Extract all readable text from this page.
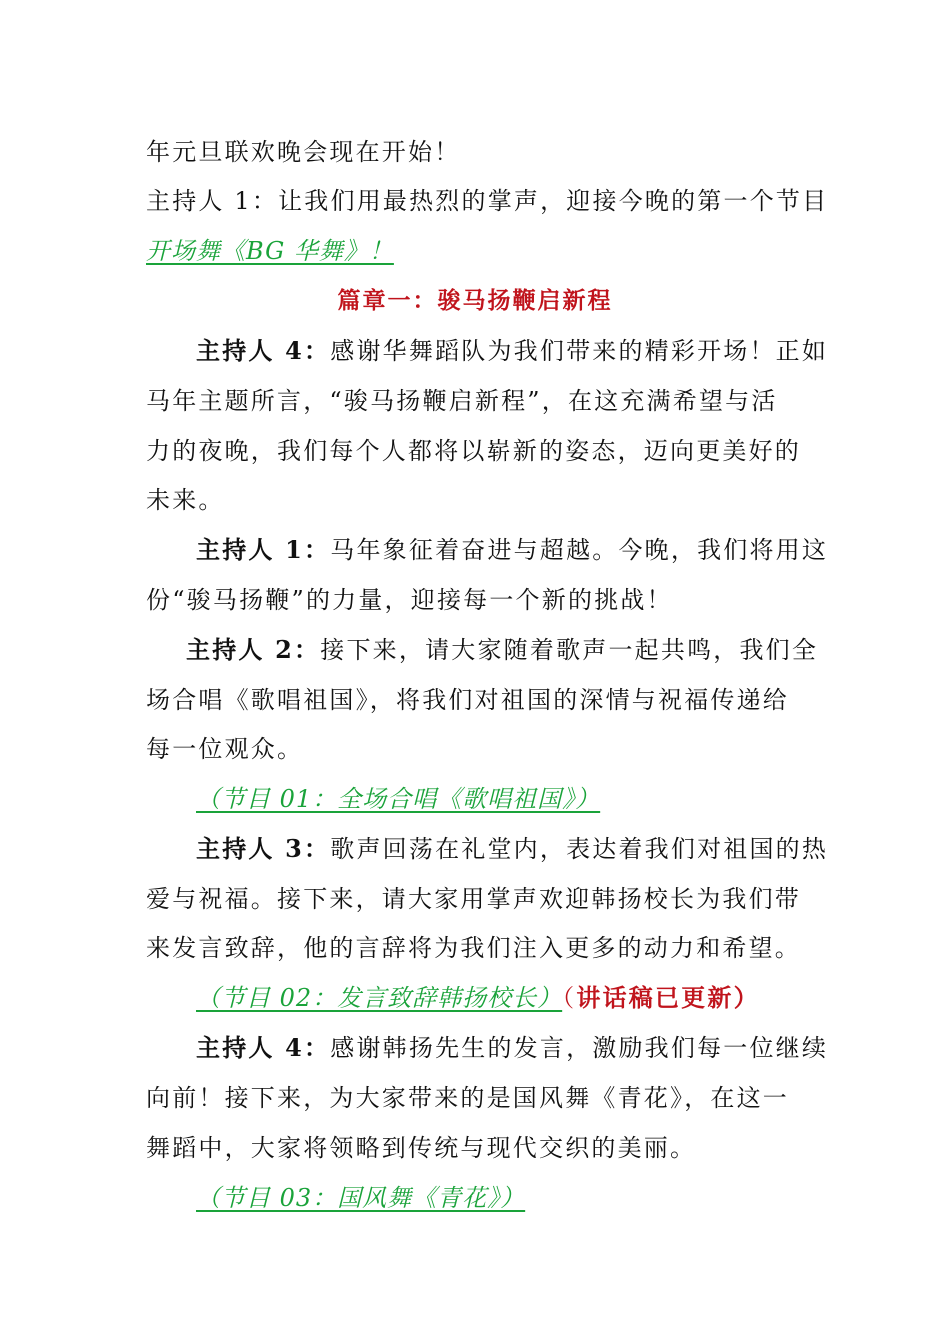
年元旦联欢晚会现在开始！
主持人 1：让我们用最热烈的掌声，迎接今晚的第一个节目
开场舞《BG 华舞》！
篇章一：骏马扬鞭启新程
主持人 4：感谢华舞蹈队为我们带来的精彩开场！正如
马年主题所言，“骏马扬鞭启新程”，在这充满希望与活
力的夜晚，我们每个人都将以崭新的姿态，迈向更美好的
未来。
主持人 1：马年象征着奋进与超越。今晚，我们将用这
份“骏马扬鞭”的力量，迎接每一个新的挑战！
主持人 2：接下来，请大家随着歌声一起共鸣，我们全
场合唱《歌唱祖国》，将我们对祖国的深情与祝福传递给
每一位观众。
（节目 01：全场合唱《歌唱祖国》）
主持人 3：歌声回荡在礼堂内，表达着我们对祖国的热
爱与祝福。接下来，请大家用掌声欢迎韩扬校长为我们带
来发言致辞，他的言辞将为我们注入更多的动力和希望。
（节目 02：发言致辞韩扬校长）（讲话稿已更新）
主持人 4：感谢韩扬先生的发言，激励我们每一位继续
向前！接下来，为大家带来的是国风舞《青花》，在这一
舞蹈中，大家将领略到传统与现代交织的美丽。
（节目 03：国风舞《青花》）
